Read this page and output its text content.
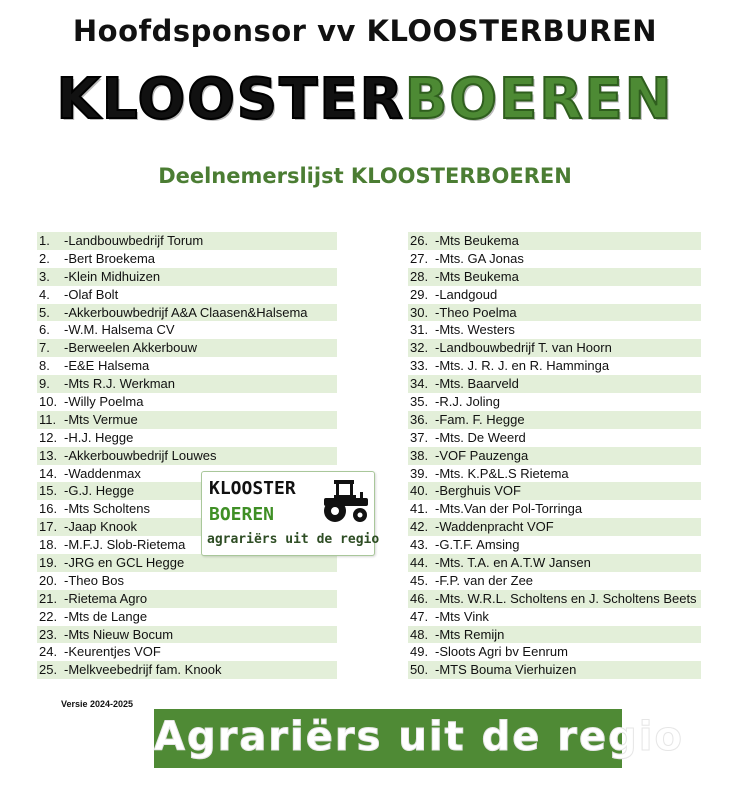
Hoofdsponsor vv KLOOSTERBUREN
KLOOSTERBOEREN
Deelnemerslijst KLOOSTERBOEREN
1.	-Landbouwbedrijf Torum
2.	-Bert Broekema
3.	-Klein Midhuizen
4.	-Olaf Bolt
5.	-Akkerbouwbedrijf A&A Claasen&Halsema
6.	-W.M. Halsema CV
7.	-Berweelen Akkerbouw
8.	-E&E Halsema
9.	-Mts R.J. Werkman
10. -Willy Poelma
11. -Mts Vermue
12. -H.J. Hegge
13. -Akkerbouwbedrijf Louwes
14. -Waddenmax
15. -G.J. Hegge
16. -Mts Scholtens
17. -Jaap Knook
18. -M.F.J. Slob-Rietema
19. -JRG en GCL Hegge
20. -Theo Bos
21. -Rietema Agro
22. -Mts de Lange
23. -Mts Nieuw Bocum
24. -Keurentjes VOF
25. -Melkveebedrijf fam. Knook
26. -Mts Beukema
27. -Mts. GA Jonas
28. -Mts Beukema
29. -Landgoud
30. -Theo Poelma
31. -Mts. Westers
32. -Landbouwbedrijf T. van Hoorn
33. -Mts. J. R. J. en R. Hamminga
34. -Mts. Baarveld
35. -R.J. Joling
36. -Fam. F. Hegge
37. -Mts. De Weerd
38. -VOF Pauzenga
39. -Mts. K.P&L.S Rietema
40. -Berghuis VOF
41. -Mts.Van der Pol-Torringa
42. -Waddenpracht VOF
43. -G.T.F. Amsing
44. -Mts. T.A. en A.T.W Jansen
45. -F.P. van der Zee
46. -Mts. W.R.L. Scholtens en J. Scholtens Beets
47. -Mts Vink
48. -Mts Remijn
49. -Sloots Agri bv Eenrum
50. -MTS Bouma Vierhuizen
KLOOSTER
BOEREN
agrariërs uit de regio
Versie 2024-2025
Agrariërs uit de regio
